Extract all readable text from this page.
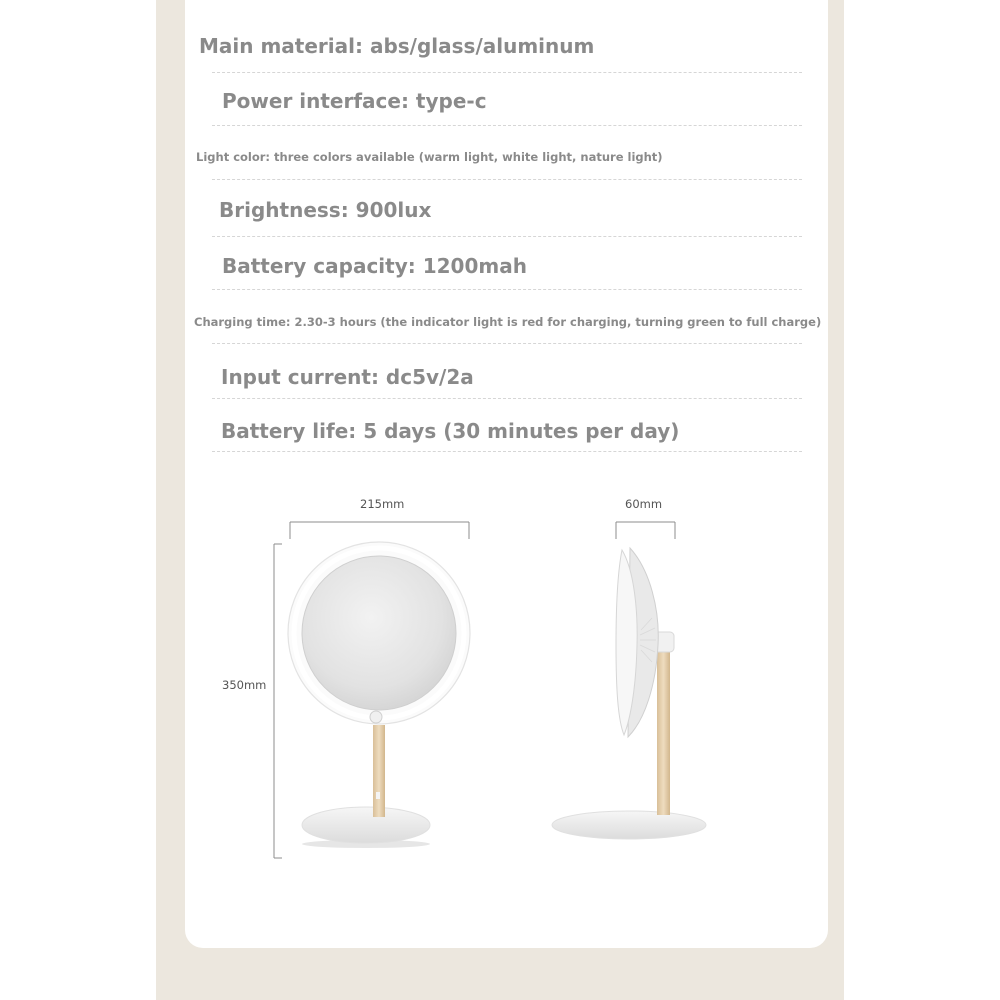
Main material: abs/glass/aluminum
Power interface: type-c
Light color: three colors available (warm light, white light, nature light)
Brightness: 900lux
Battery capacity: 1200mah
Charging time: 2.30-3 hours (the indicator light is red for charging, turning green to full charge)
Input current: dc5v/2a
Battery life: 5 days (30 minutes per day)
215mm
350mm
60mm
